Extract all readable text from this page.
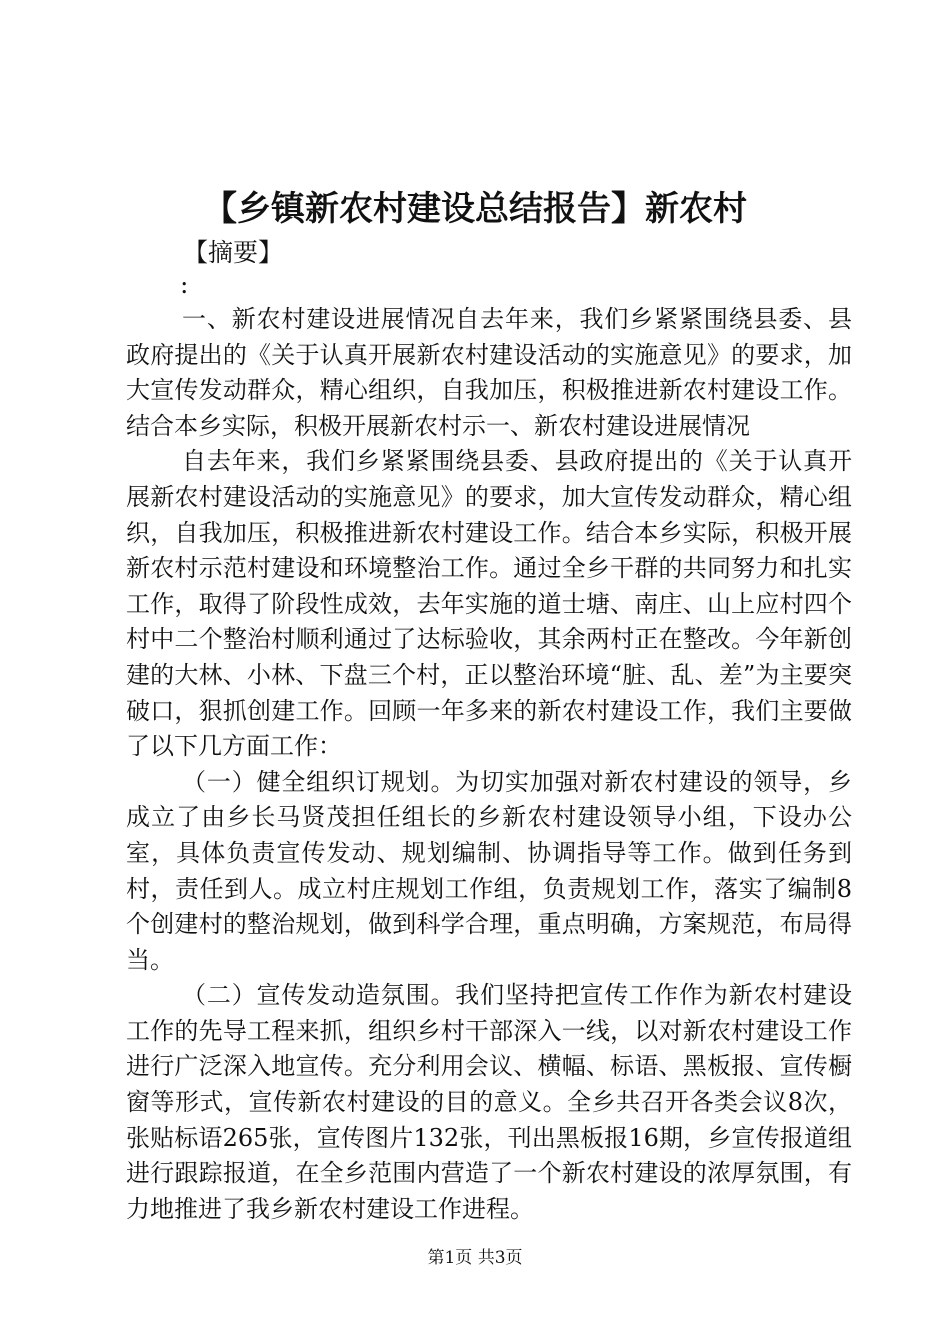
【乡镇新农村建设总结报告】新农村
【摘要】
:

一、新农村建设进展情况自去年来，我们乡紧紧围绕县委、县政府提出的《关于认真开展新农村建设活动的实施意见》的要求，加大宣传发动群众，精心组织，自我加压，积极推进新农村建设工作。结合本乡实际，积极开展新农村示一、新农村建设进展情况

自去年来，我们乡紧紧围绕县委、县政府提出的《关于认真开展新农村建设活动的实施意见》的要求，加大宣传发动群众，精心组织，自我加压，积极推进新农村建设工作。结合本乡实际，积极开展新农村示范村建设和环境整治工作。通过全乡干群的共同努力和扎实工作，取得了阶段性成效，去年实施的道士塘、南庄、山上应村四个村中二个整治村顺利通过了达标验收，其余两村正在整改。今年新创建的大林、小林、下盘三个村，正以整治环境“脏、乱、差”为主要突破口，狠抓创建工作。回顾一年多来的新农村建设工作，我们主要做了以下几方面工作：

（一）健全组织订规划。为切实加强对新农村建设的领导，乡成立了由乡长马贤茂担任组长的乡新农村建设领导小组，下设办公室，具体负责宣传发动、规划编制、协调指导等工作。做到任务到村，责任到人。成立村庄规划工作组，负责规划工作，落实了编制8个创建村的整治规划，做到科学合理，重点明确，方案规范，布局得当。

（二）宣传发动造氛围。我们坚持把宣传工作作为新农村建设工作的先导工程来抓，组织乡村干部深入一线，以对新农村建设工作进行广泛深入地宣传。充分利用会议、横幅、标语、黑板报、宣传橱窗等形式，宣传新农村建设的目的意义。全乡共召开各类会议8次，张贴标语265张，宣传图片132张，刊出黑板报16期，乡宣传报道组进行跟踪报道，在全乡范围内营造了一个新农村建设的浓厚氛围，有力地推进了我乡新农村建设工作进程。

第1页 共3页
